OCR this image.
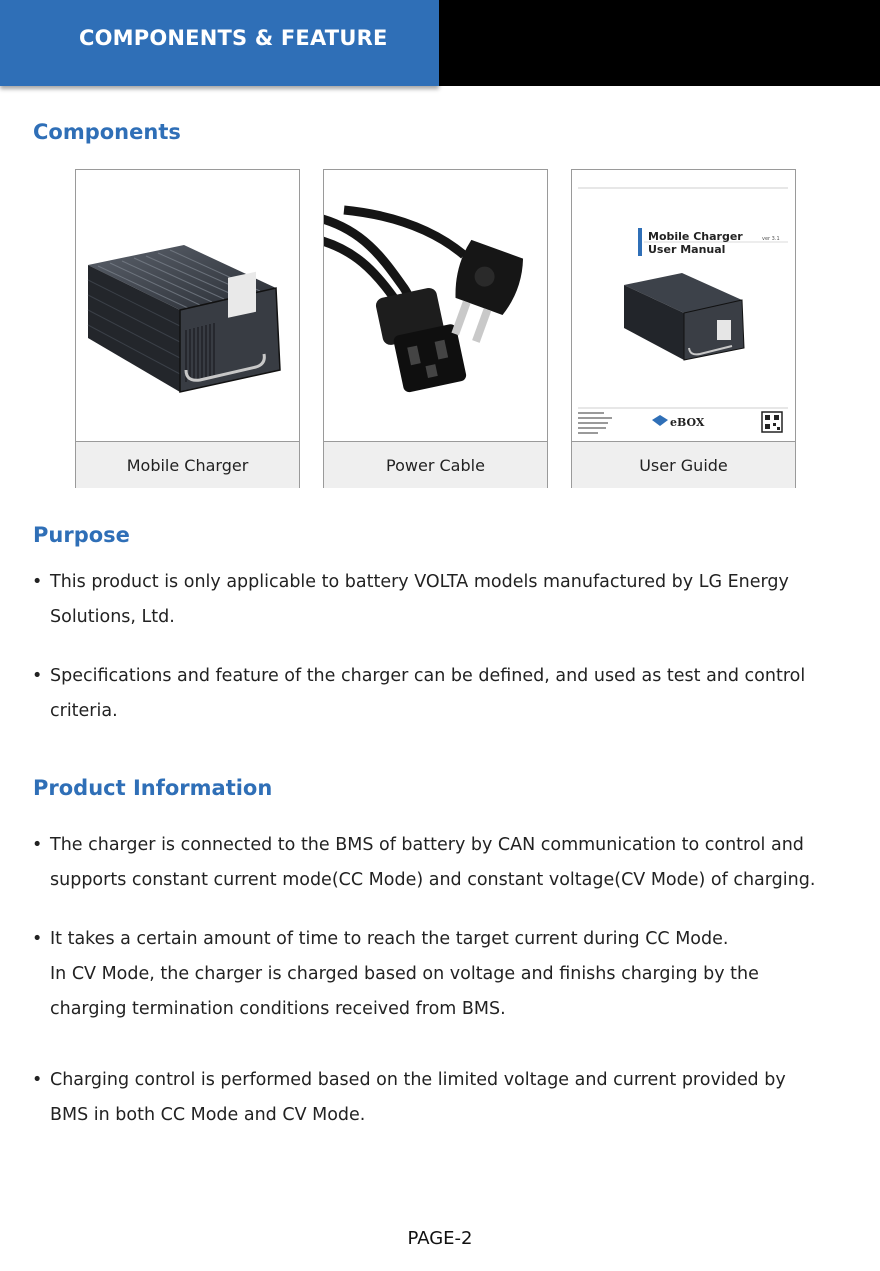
COMPONENTS & FEATURE
Components
Mobile Charger	Power Cable
Mobile Charger	ver 3.1
User Manual
eBOX
User Guide
Purpose
• This product is only applicable to battery VOLTA models manufactured by LG Energy
Solutions, Ltd.
• Specifications and feature of the charger can be defined, and used as test and control
criteria.
Product Information
• The charger is connected to the BMS of battery by CAN communication to control and
supports constant current mode(CC Mode) and constant voltage(CV Mode) of charging.
• It takes a certain amount of time to reach the target current during CC Mode.
In CV Mode, the charger is charged based on voltage and finishs charging by the
charging termination conditions received from BMS.
• Charging control is performed based on the limited voltage and current provided by
BMS in both CC Mode and CV Mode.
PAGE-2
